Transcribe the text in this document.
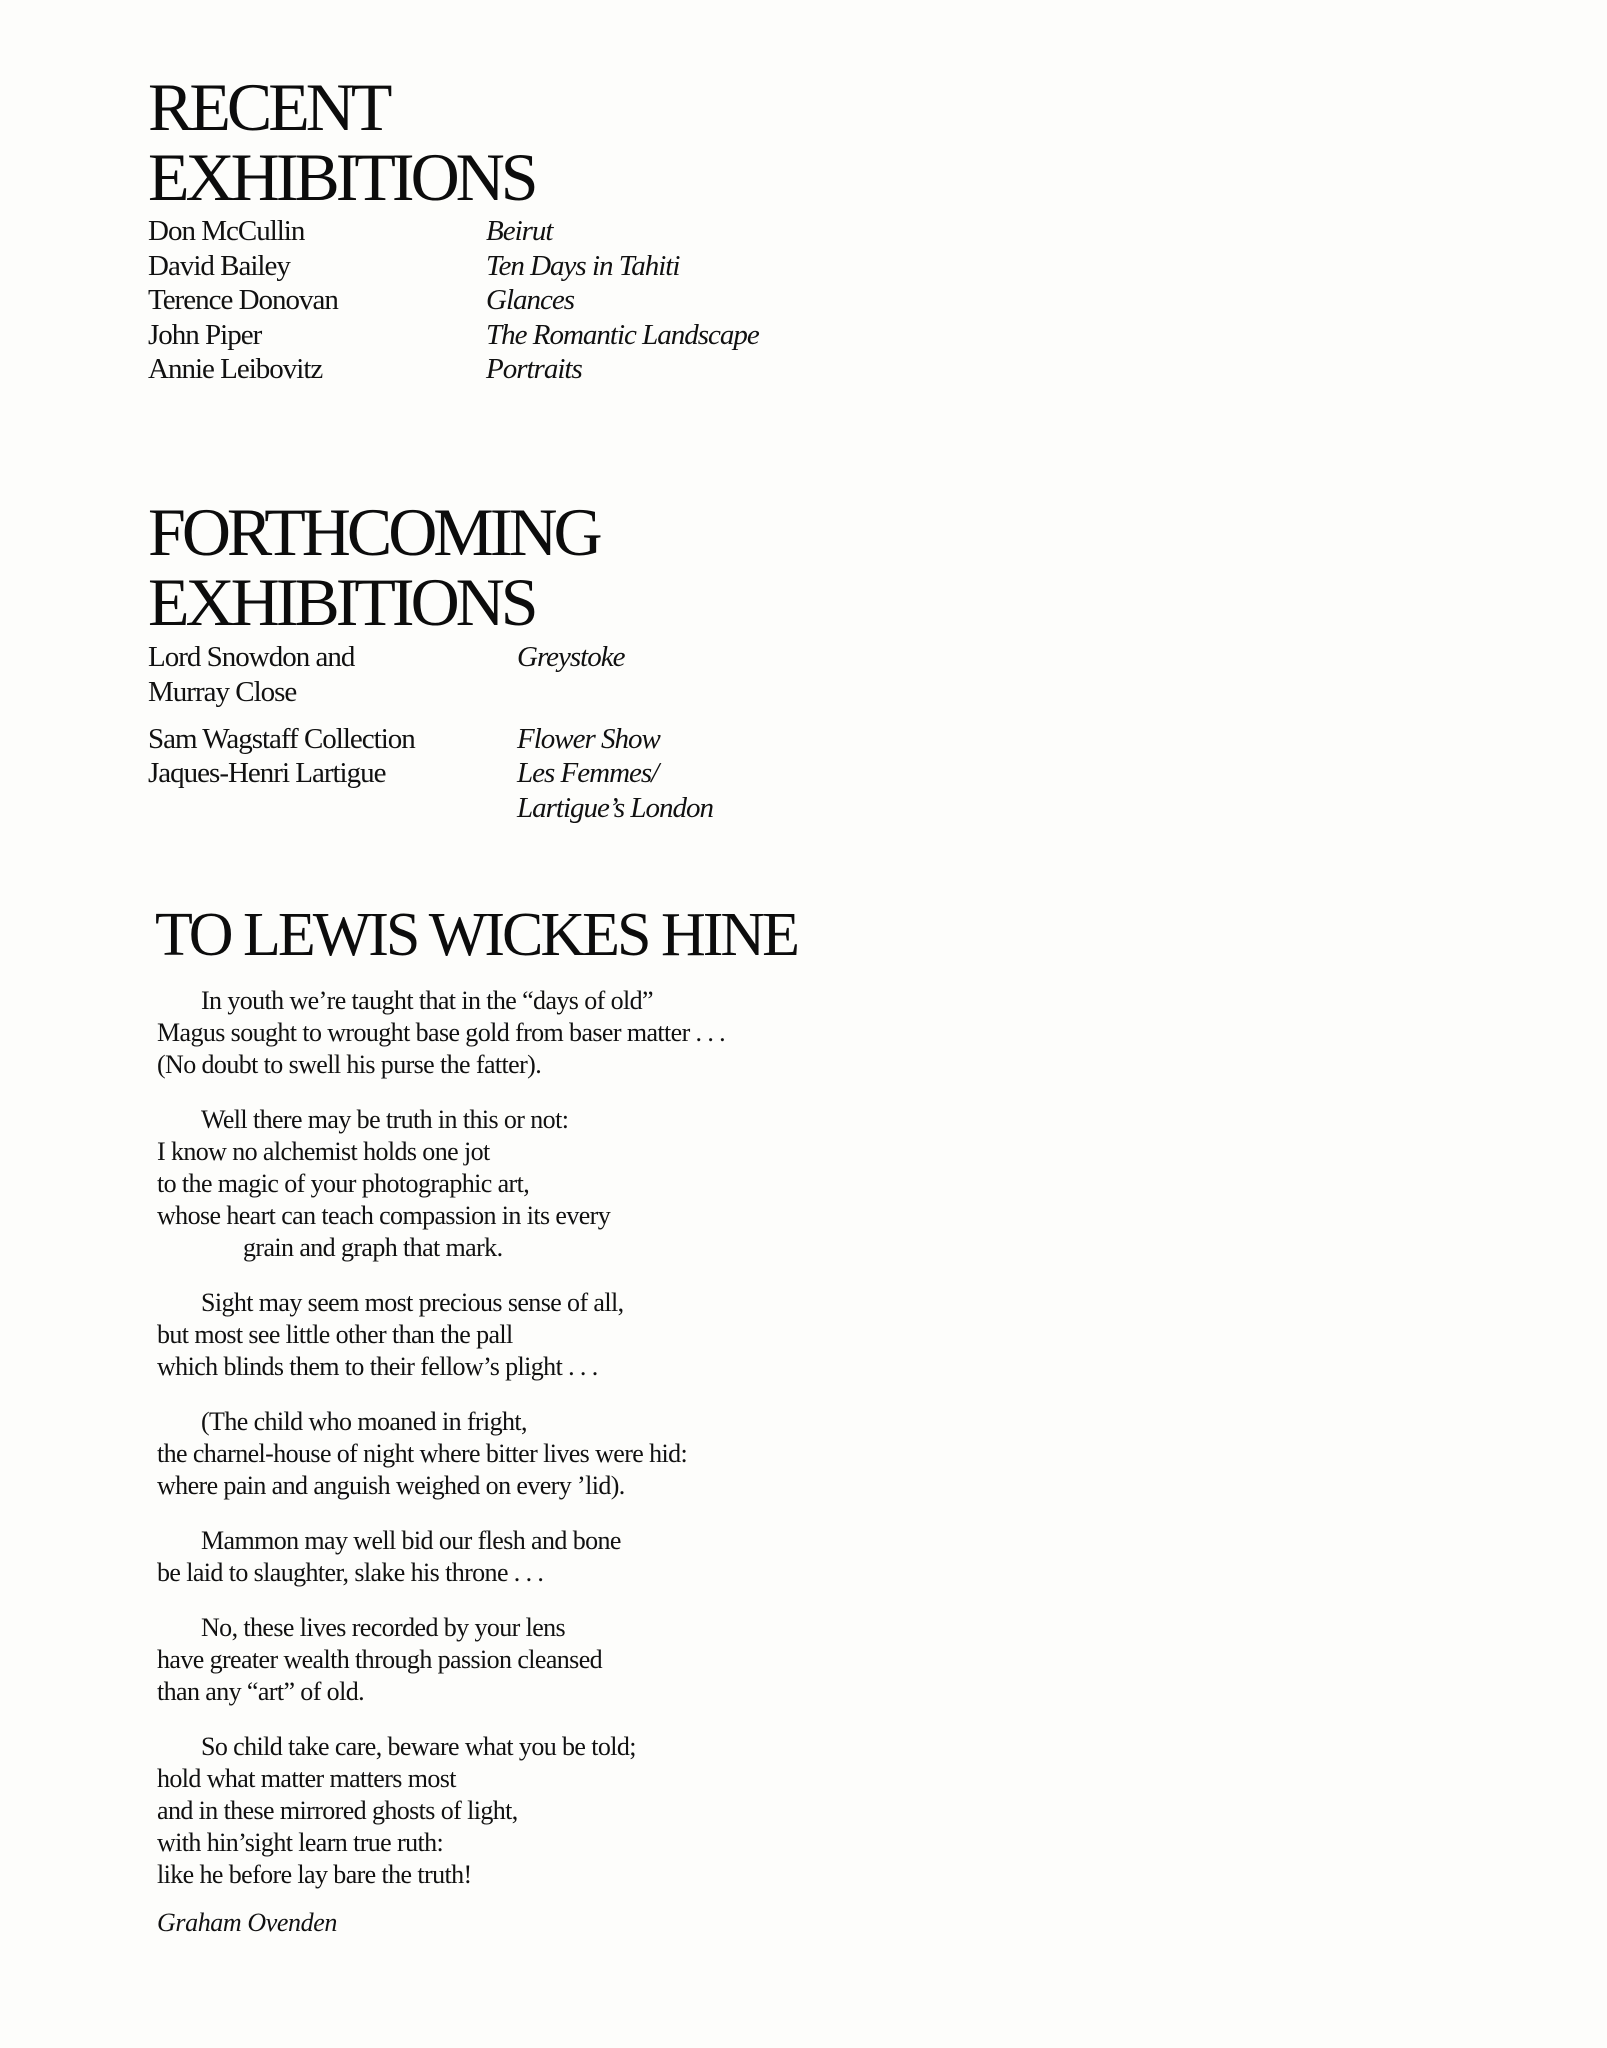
RECENT
EXHIBITIONS
Don McCullin	Beirut
David Bailey	Ten Days in Tahiti
Terence Donovan	Glances
John Piper	The Romantic Landscape
Annie Leibovitz	Portraits
FORTHCOMING
EXHIBITIONS
Lord Snowdon and	Greystoke
Murray Close
Sam Wagstaff Collection	Flower Show
Jaques-Henri Lartigue	Les Femmes/
Lartigue’s London
TO LEWIS WICKES HINE
In youth we’re taught that in the “days of old”
Magus sought to wrought base gold from baser matter . . .
(No doubt to swell his purse the fatter).
Well there may be truth in this or not:
I know no alchemist holds one jot
to the magic of your photographic art,
whose heart can teach compassion in its every
grain and graph that mark.
Sight may seem most precious sense of all,
but most see little other than the pall
which blinds them to their fellow’s plight . . .
(The child who moaned in fright,
the charnel-house of night where bitter lives were hid:
where pain and anguish weighed on every ’lid).
Mammon may well bid our flesh and bone
be laid to slaughter, slake his throne . . .
No, these lives recorded by your lens
have greater wealth through passion cleansed
than any “art” of old.
So child take care, beware what you be told;
hold what matter matters most
and in these mirrored ghosts of light,
with hin’sight learn true ruth:
like he before lay bare the truth!
Graham Ovenden
